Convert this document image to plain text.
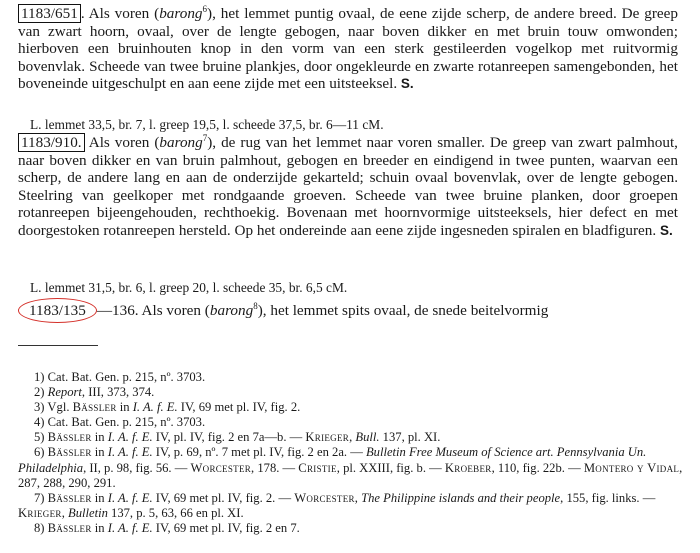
1183/651 . Als voren (barong$^6$), het lemmet puntig ovaal, de eene zijde scherp, de andere breed. De greep van zwart hoorn, ovaal, over de lengte gebogen, naar boven dikker en met bruin touw omwonden; hierboven een bruinhouten knop in den vorm van een sterk gestileerden vogelkop met ruitvormig bovenvlak. Scheede van twee bruine plankjes, door ongekleurde en zwarte rotanreepen samengebonden, het boveneinde uitgeschulpt en aan eene zijde met een uitsteeksel. S.

L. lemmet 33,5, br. 7, l. greep 19,5, l. scheede 37,5, br. 6—11 cM.

1183/910. Als voren (barong$^7$), de rug van het lemmet naar voren smaller. De greep van zwart palmhout, naar boven dikker en van bruin palmhout, gebogen en breeder en eindigend in twee punten, waarvan een scherp, de andere lang en aan de onderzijde gekarteld; schuin ovaal bovenvlak, over de lengte gebogen. Steelring van geelkoper met rondgaande groeven. Scheede van twee bruine planken, door groepen rotanreepen bijeengehouden, rechthoekig. Bovenaan met hoornvormige uitsteeksels, hier defect en met doorgestoken rotanreepen hersteld. Op het ondereinde aan eene zijde ingesneden spiralen en bladfiguren. S.

L. lemmet 31,5, br. 6, l. greep 20, l. scheede 35, br. 6,5 cM.

1183/135 —136. Als voren (barong$^8$), het lemmet spits ovaal, de snede beitelvormig

1) Cat. Bat. Gen. p. 215, nº. 3703.
2) Report, III, 373, 374.
3) Vgl. Bässler in I. A. f. E. IV, 69 met pl. IV, fig. 2.
4) Cat. Bat. Gen. p. 215, nº. 3703.
5) Bässler in I. A. f. E. IV, pl. IV, fig. 2 en 7a—b. — Krieger, Bull. 137, pl. XI.
6) Bässler in I. A. f. E. IV, p. 69, nº. 7 met pl. IV, fig. 2 en 2a. — Bulletin Free Museum of Science art. Pennsylvania Un. Philadelphia, II, p. 98, fig. 56. — Worcester, 178. — Cristie, pl. XXIII, fig. b. — Kroeber, 110, fig. 22b. — Montero y Vidal, 287, 288, 290, 291.
7) Bässler in I. A. f. E. IV, 69 met pl. IV, fig. 2. — Worcester, The Philippine islands and their people, 155, fig. links. — Krieger, Bulletin 137, p. 5, 63, 66 en pl. XI.
8) Bässler in I. A. f. E. IV, 69 met pl. IV, fig. 2 en 7.
